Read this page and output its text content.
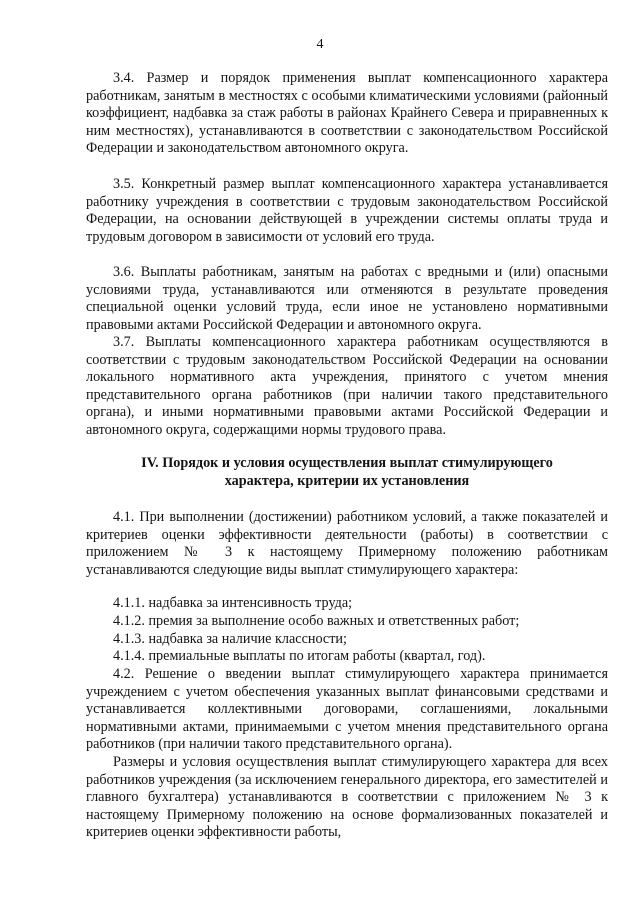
4

3.4. Размер и порядок применения выплат компенсационного характера работникам, занятым в местностях с особыми климатическими условиями (районный коэффициент, надбавка за стаж работы в районах Крайнего Севера и приравненных к ним местностях), устанавливаются в соответствии с законодательством Российской Федерации и законодательством автономного округа.

3.5. Конкретный размер выплат компенсационного характера устанавливается работнику учреждения в соответствии с трудовым законодательством Российской Федерации, на основании действующей в учреждении системы оплаты труда и трудовым договором в зависимости от условий его труда.

3.6. Выплаты работникам, занятым на работах с вредными и (или) опасными условиями труда, устанавливаются или отменяются в результате проведения специальной оценки условий труда, если иное не установлено нормативными правовыми актами Российской Федерации и автономного округа.

3.7. Выплаты компенсационного характера работникам осуществляются в соответствии с трудовым законодательством Российской Федерации на основании локального нормативного акта учреждения, принятого с учетом мнения представительного органа работников (при наличии такого представительного органа), и иными нормативными правовыми актами Российской Федерации и автономного округа, содержащими нормы трудового права.

IV. Порядок и условия осуществления выплат стимулирующего
характера, критерии их установления

4.1. При выполнении (достижении) работником условий, а также показателей и критериев оценки эффективности деятельности (работы) в соответствии с приложением № 3 к настоящему Примерному положению работникам устанавливаются следующие виды выплат стимулирующего характера:

4.1.1. надбавка за интенсивность труда;

4.1.2. премия за выполнение особо важных и ответственных работ;

4.1.3. надбавка за наличие классности;

4.1.4. премиальные выплаты по итогам работы (квартал, год).

4.2. Решение о введении выплат стимулирующего характера принимается учреждением с учетом обеспечения указанных выплат финансовыми средствами и устанавливается коллективными договорами, соглашениями, локальными нормативными актами, принимаемыми с учетом мнения представительного органа работников (при наличии такого представительного органа).

Размеры и условия осуществления выплат стимулирующего характера для всех работников учреждения (за исключением генерального директора, его заместителей и главного бухгалтера) устанавливаются в соответствии с приложением № 3 к настоящему Примерному положению на основе формализованных показателей и критериев оценки эффективности работы,
